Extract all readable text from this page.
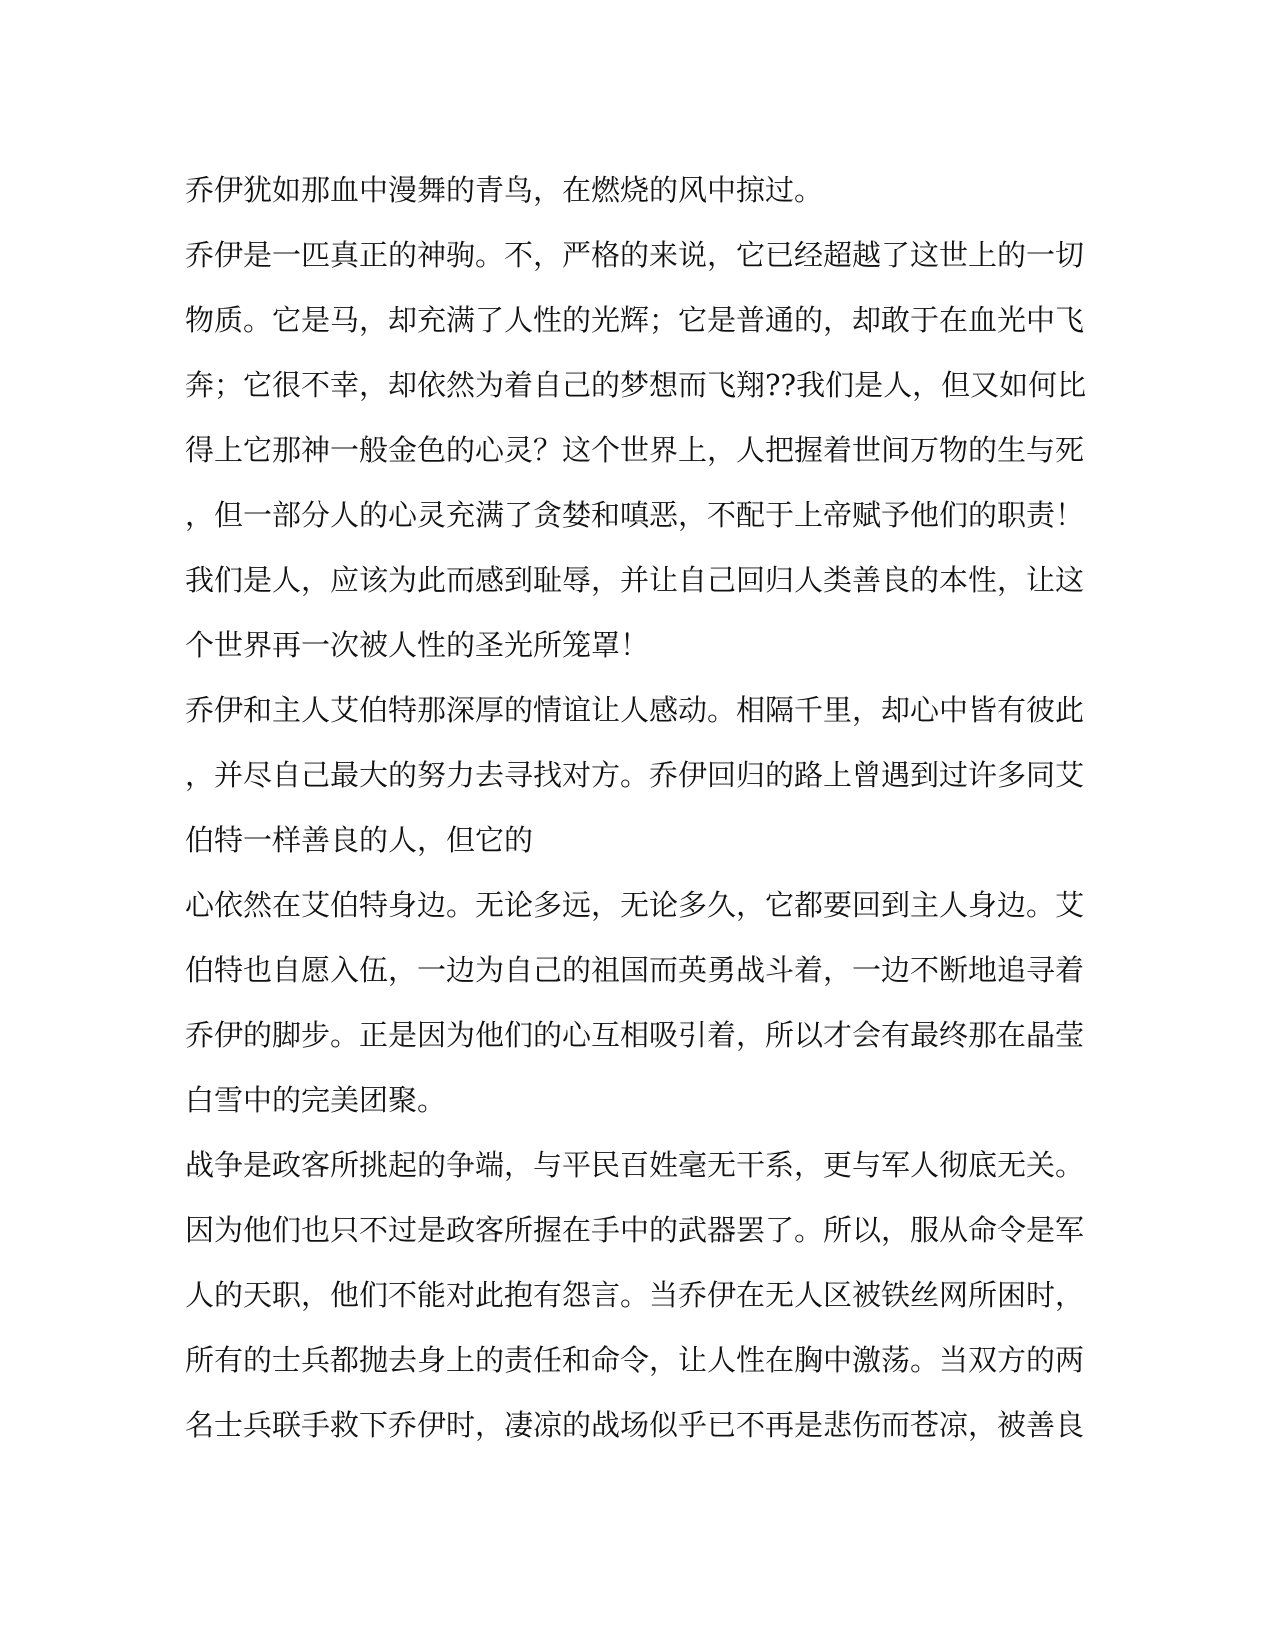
乔伊犹如那血中漫舞的青鸟，在燃烧的风中掠过。
乔伊是一匹真正的神驹。不，严格的来说，它已经超越了这世上的一切
物质。它是马，却充满了人性的光辉；它是普通的，却敢于在血光中飞
奔；它很不幸，却依然为着自己的梦想而飞翔??我们是人，但又如何比
得上它那神一般金色的心灵？这个世界上，人把握着世间万物的生与死
，但一部分人的心灵充满了贪婪和嗔恶，不配于上帝赋予他们的职责！
我们是人，应该为此而感到耻辱，并让自己回归人类善良的本性，让这
个世界再一次被人性的圣光所笼罩！
乔伊和主人艾伯特那深厚的情谊让人感动。相隔千里，却心中皆有彼此
，并尽自己最大的努力去寻找对方。乔伊回归的路上曾遇到过许多同艾
伯特一样善良的人，但它的
心依然在艾伯特身边。无论多远，无论多久，它都要回到主人身边。艾
伯特也自愿入伍，一边为自己的祖国而英勇战斗着，一边不断地追寻着
乔伊的脚步。正是因为他们的心互相吸引着，所以才会有最终那在晶莹
白雪中的完美团聚。
战争是政客所挑起的争端，与平民百姓毫无干系，更与军人彻底无关。
因为他们也只不过是政客所握在手中的武器罢了。所以，服从命令是军
人的天职，他们不能对此抱有怨言。当乔伊在无人区被铁丝网所困时，
所有的士兵都抛去身上的责任和命令，让人性在胸中激荡。当双方的两
名士兵联手救下乔伊时，凄凉的战场似乎已不再是悲伤而苍凉，被善良
